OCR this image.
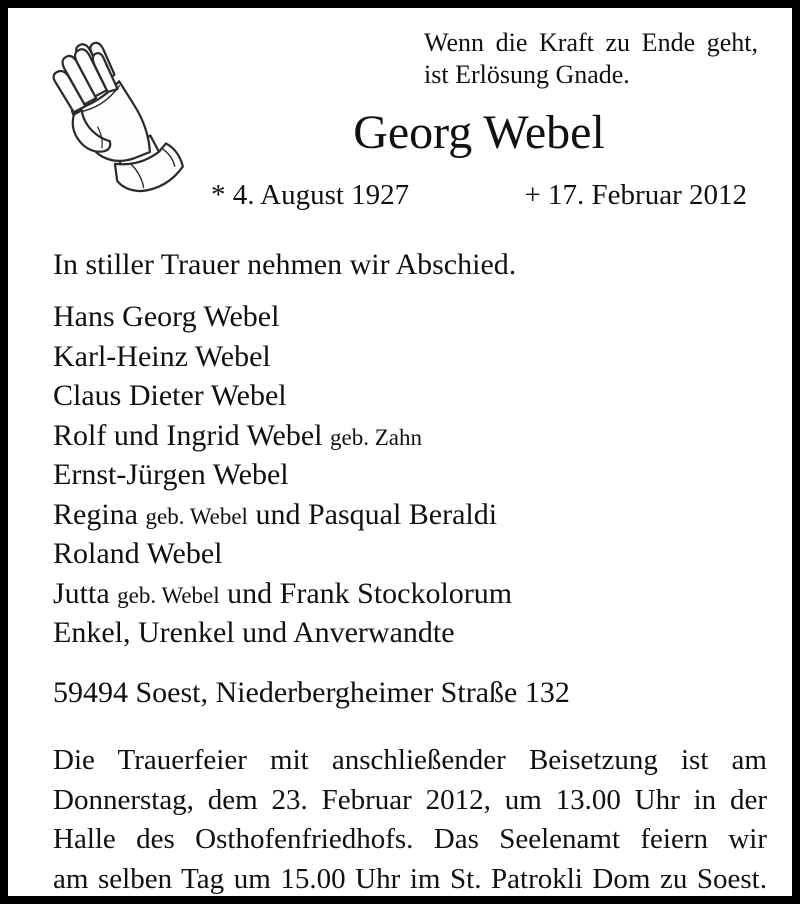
Wenn die Kraft zu Ende geht,
ist Erlösung Gnade.
Georg Webel
* 4. August 1927	+ 17. Februar 2012
In stiller Trauer nehmen wir Abschied.

Hans Georg Webel

Karl-Heinz Webel

Claus Dieter Webel

Rolf und Ingrid Webel geb. Zahn

Ernst-Jürgen Webel

Regina geb. Webel und Pasqual Beraldi

Roland Webel

Jutta geb. Webel und Frank Stockolorum

Enkel, Urenkel und Anverwandte

59494 Soest, Niederbergheimer Straße 132

Die Trauerfeier mit anschließender Beisetzung ist am

Donnerstag, dem 23. Februar 2012, um 13.00 Uhr in der

Halle des Osthofenfriedhofs. Das Seelenamt feiern wir

am selben Tag um 15.00 Uhr im St. Patrokli Dom zu Soest.
